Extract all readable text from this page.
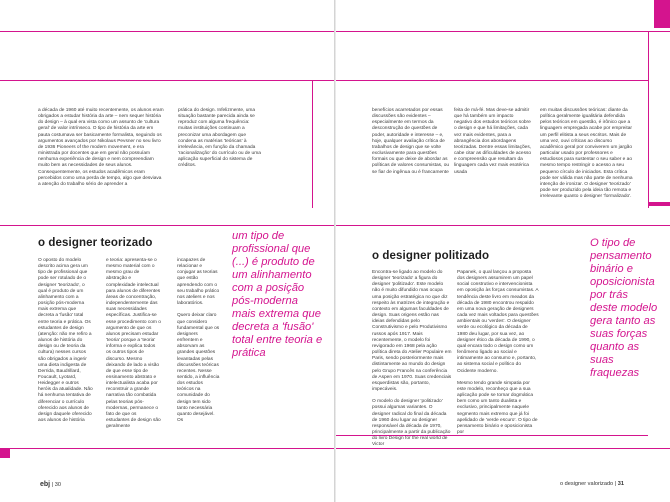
a década de 1960 até muito recentemente, os alunos eram obrigados a estudar história da arte – nem sequer história do design – à qual era vista como um assunto de 'cultura geral' de valor intrínseco. O tipo de história da arte em pauta costumava ser basicamente formalista, seguindo os argumentos avançados por Nikolaus Pevsner no seu livro de 1936 Pioneers of the modern movement, e era ministrada por docentes que em geral não possuíam nenhuma experiência de design e nem compreendiam muito bem as necessidades de seus alunos. Consequentemente, os estudos acadêmicos eram percebidos como uma perda de tempo, algo que desviava a atenção do trabalho sério de aprender a

prática do design. Infelizmente, uma situação bastante parecida ainda se reproduz com alguma frequência: muitas instituições continuam a preconizar uma abordagem que condena as matérias 'teóricas' à irrelevância, em função da chamada 'racionalização' do currículo ou de uma aplicação superficial do sistema de créditos.

o designer teorizado

O oposto do modelo descrito acima gera um tipo de profissional que pode ser rotulado de o designer 'teorizado', o qual é produto de um alinhamento com a posição pós-moderna mais extrema que decreta a 'fusão' total entre teoria e prática. Os estudantes de design (atenção: não me refiro a alunos de história do design ou de teoria da cultura) nesses cursos são obrigados a ingerir uma dieta indigesta de Derrida, Baudrillard, Foucault, Lyotard, Heidegger e outros heróis da atualidade. Não há nenhuma tentativa de diferenciar o currículo oferecido aos alunos de design daquele oferecido aos alunos de história

e teoria: apresenta-se o mesmo material com o mesmo grau de abstração e complexidade intelectual para alunos de diferentes áreas de concentração, independentemente das suas necessidades específicas. Justifica-se esse procedimento com o argumento de que os alunos precisam estudar 'teoria' porque a 'teoria' informa e explica todos os outros tipos de discurso. Mesmo deixando de lado a visão de que esse tipo de ensinamento abstrato e intelectualista acaba por reconstruir a grande narrativa tão combatida pelas teorias pós-modernas, permanece o fato de que os estudantes de design são geralmente

incapazes de relacionar e conjugar as teorias que estão aprendendo com o seu trabalho prático nos ateliers e nos laboratórios.

Quero deixar claro que considero fundamental que os designers enfrentem e absorvam as grandes questões levantadas pelas discussões teóricas recentes. Nesse sentido, a influência dos estudos teóricos na comunidade do design tem sido tanto necessária quanto desejável. Os

um tipo de profissional que (...) é produto de um alinhamento com a posição pós-moderna mais extrema que decreta a 'fusão' total entre teoria e prática

ebj | 30

benefícios acarretados por essas discussões são evidentes – especialmente em termos da desconstrução de questões de poder, autoridade e interesse – e, hoje, qualquer avaliação crítica de trabalhos de design que se volte exclusivamente para questões formais ou que deixe de abordar as políticas de valores consumistas, ou se fiar de ingênua ou é francamente

feita de má-fé. Mas deve-se admitir que há também um impacto negativo dos estudos teóricos sobre o design e que há limitações, cada vez mais evidentes, para a abrangência dos abordagens teorizadas. Dentre essas limitações, cabe citar as dificuldades de acesso e compreensão que resultam da linguagem cada vez mais esotérica usada

em muitas discussões teóricas: diante da política geralmente igualitária defendida pelos teóricos em questão, é irônico que a linguagem empregada acabe por empreitar um perfil elitista a seus escritos. Mais de uma vez, ouvi críticas ao discurso acadêmico geral por conviverem um jargão particular usado por professores e estudiosos para sustentar o seu saber e ao mesmo tempo restringir o acesso a seu pequeno círculo de iniciados. Esta crítica pode ser válida mas não parte de nenhuma intenção de ironizar. O designer 'teorizado' pode ser produzido pela ideia tão remota e irrelevante quanto o designer 'formalizado'.

o designer politizado

Encontra-se ligado ao modelo do designer 'teorizado' a figura do designer 'politizado'. Este modelo não é muito difundido mas ocupa uma posição estratégica no que diz respeito às matrizes de integração e contexto em algumas faculdades de design. Suas origens estão nas ideias defendidas pelo Construtivismo e pelo Produtivismo russos após 1917. Mais recentemente, o modelo foi revigorado em 1968 pela ação política direta do Atelier Populaire em Paris, sendo posteriormente mais distintamente ao mundo do design pelo Grupo Francês na conferência de Aspen em 1970. Suas credenciais esquerdistas são, portanto, impecáveis.

O modelo do designer 'politizado' possui algumas variantes. O designer radical do final da década de 1960 deu lugar ao designer responsável da década de 1970, principalmente a partir da publicação do livro Design for the real world de Victor

Papanek, o qual lançou a proposta dos designers assumirem um papel social construtivo e intervencionista em oposição às forças consumistas. A tendência deste livro em meados da década de 1980 encontrou respaldo em uma nova geração de designers cada vez mais voltados para questões ambientais ou 'verdes'. O designer verde ou ecológico da década de 1980 deu lugar, por sua vez, ao designer ético da década de 1990, o qual encara todo o design como um fenômeno ligado ao social e intimamente ao consumo e, portanto, ao sistema social e político do Ocidente moderno.

Mesmo tendo grande simpatia por este modelo, reconheço que a sua aplicação pode se tornar dogmática bem como um tanto dualista e exclusivo, principalmente naquele segmento mais extremo que já foi apelidado de 'verde escuro'. O tipo de pensamento binário e oposicionista por

O tipo de pensamento binário e oposicionista por trás deste modelo gera tanto as suas forças quanto as suas fraquezas

o designer valorizado | 31
